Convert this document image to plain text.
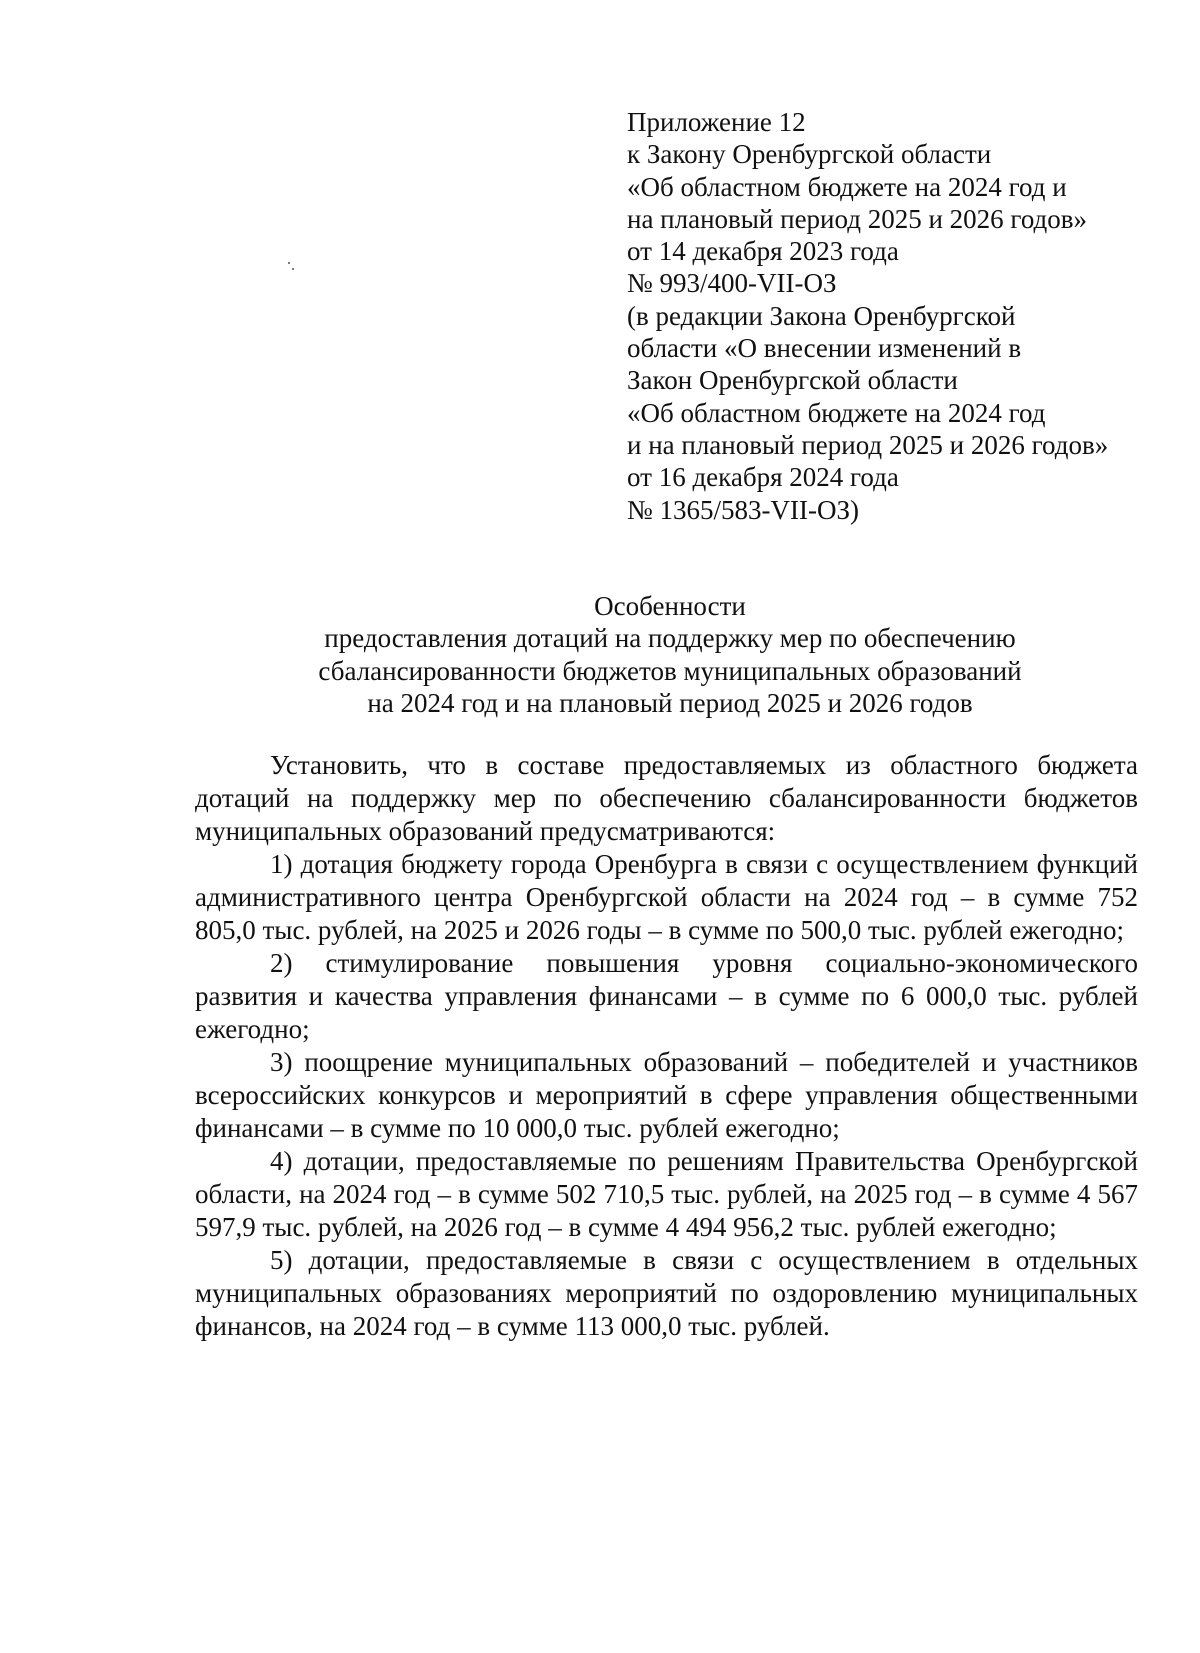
Приложение 12
к Закону Оренбургской области
«Об областном бюджете на 2024 год и
на плановый период 2025 и 2026 годов»
от 14 декабря 2023 года
№ 993/400-VII-ОЗ
(в редакции Закона Оренбургской
области «О внесении изменений в
Закон Оренбургской области
«Об областном бюджете на 2024 год
и на плановый период 2025 и 2026 годов»
от 16 декабря 2024 года
№ 1365/583-VII-ОЗ)
Особенности
предоставления дотаций на поддержку мер по обеспечению
сбалансированности бюджетов муниципальных образований
на 2024 год и на плановый период 2025 и 2026 годов

Установить, что в составе предоставляемых из областного бюджета дотаций на поддержку мер по обеспечению сбалансированности бюджетов муниципальных образований предусматриваются:

1) дотация бюджету города Оренбурга в связи с осуществлением функций административного центра Оренбургской области на 2024 год – в сумме 752 805,0 тыс. рублей, на 2025 и 2026 годы – в сумме по 500,0 тыс. рублей ежегодно;

2) стимулирование повышения уровня социально-экономического развития и качества управления финансами – в сумме по 6 000,0 тыс. рублей ежегодно;

3) поощрение муниципальных образований – победителей и участников всероссийских конкурсов и мероприятий в сфере управления общественными финансами – в сумме по 10 000,0 тыс. рублей ежегодно;

4) дотации, предоставляемые по решениям Правительства Оренбургской области, на 2024 год – в сумме 502 710,5 тыс. рублей, на 2025 год – в сумме 4 567 597,9 тыс. рублей, на 2026 год – в сумме 4 494 956,2 тыс. рублей ежегодно;

5) дотации, предоставляемые в связи с осуществлением в отдельных муниципальных образованиях мероприятий по оздоровлению муниципальных финансов, на 2024 год – в сумме 113 000,0 тыс. рублей.
